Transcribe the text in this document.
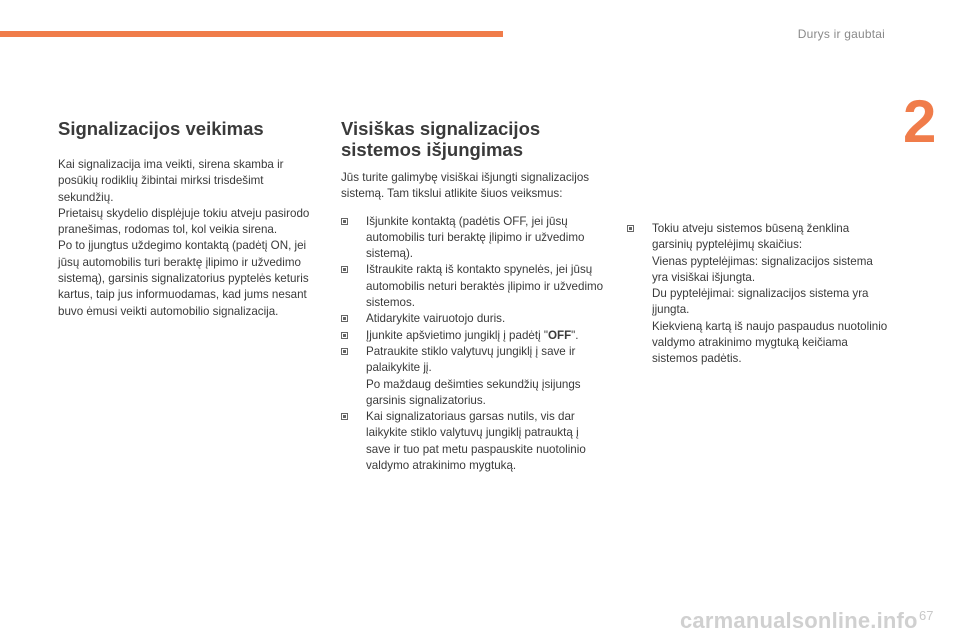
Durys ir gaubtai
2
Signalizacijos veikimas

Kai signalizacija ima veikti, sirena skamba ir posūkių rodiklių žibintai mirksi trisdešimt sekundžių.

Prietaisų skydelio displėjuje tokiu atveju pasirodo pranešimas, rodomas tol, kol veikia sirena.

Po to įjungtus uždegimo kontaktą (padėtį ON, jei jūsų automobilis turi beraktę įlipimo ir užvedimo sistemą), garsinis signalizatorius pyptelės keturis kartus, taip jus informuodamas, kad jums nesant buvo ėmusi veikti automobilio signalizacija.

Visiškas signalizacijos
sistemos išjungimas

Jūs turite galimybę visiškai išjungti signalizacijos sistemą. Tam tikslui atlikite šiuos veiksmus:

Išjunkite kontaktą (padėtis OFF, jei jūsų automobilis turi beraktę įlipimo ir užvedimo sistemą).
Ištraukite raktą iš kontakto spynelės, jei jūsų automobilis neturi beraktės įlipimo ir užvedimo sistemos.
Atidarykite vairuotojo duris.
Įjunkite apšvietimo jungiklį į padėtį "OFF".
Patraukite stiklo valytuvų jungiklį į save ir palaikykite jį.
Po maždaug dešimties sekundžių įsijungs garsinis signalizatorius.
Kai signalizatoriaus garsas nutils, vis dar laikykite stiklo valytuvų jungiklį patrauktą į save ir tuo pat metu paspauskite nuotolinio valdymo atrakinimo mygtuką.
Tokiu atveju sistemos būseną ženklina garsinių pyptelėjimų skaičius:
Vienas pyptelėjimas: signalizacijos sistema yra visiškai išjungta.
Du pyptelėjimai: signalizacijos sistema yra įjungta.
Kiekvieną kartą iš naujo paspaudus nuotolinio valdymo atrakinimo mygtuką keičiama sistemos padėtis.
carmanualsonline.info 67
